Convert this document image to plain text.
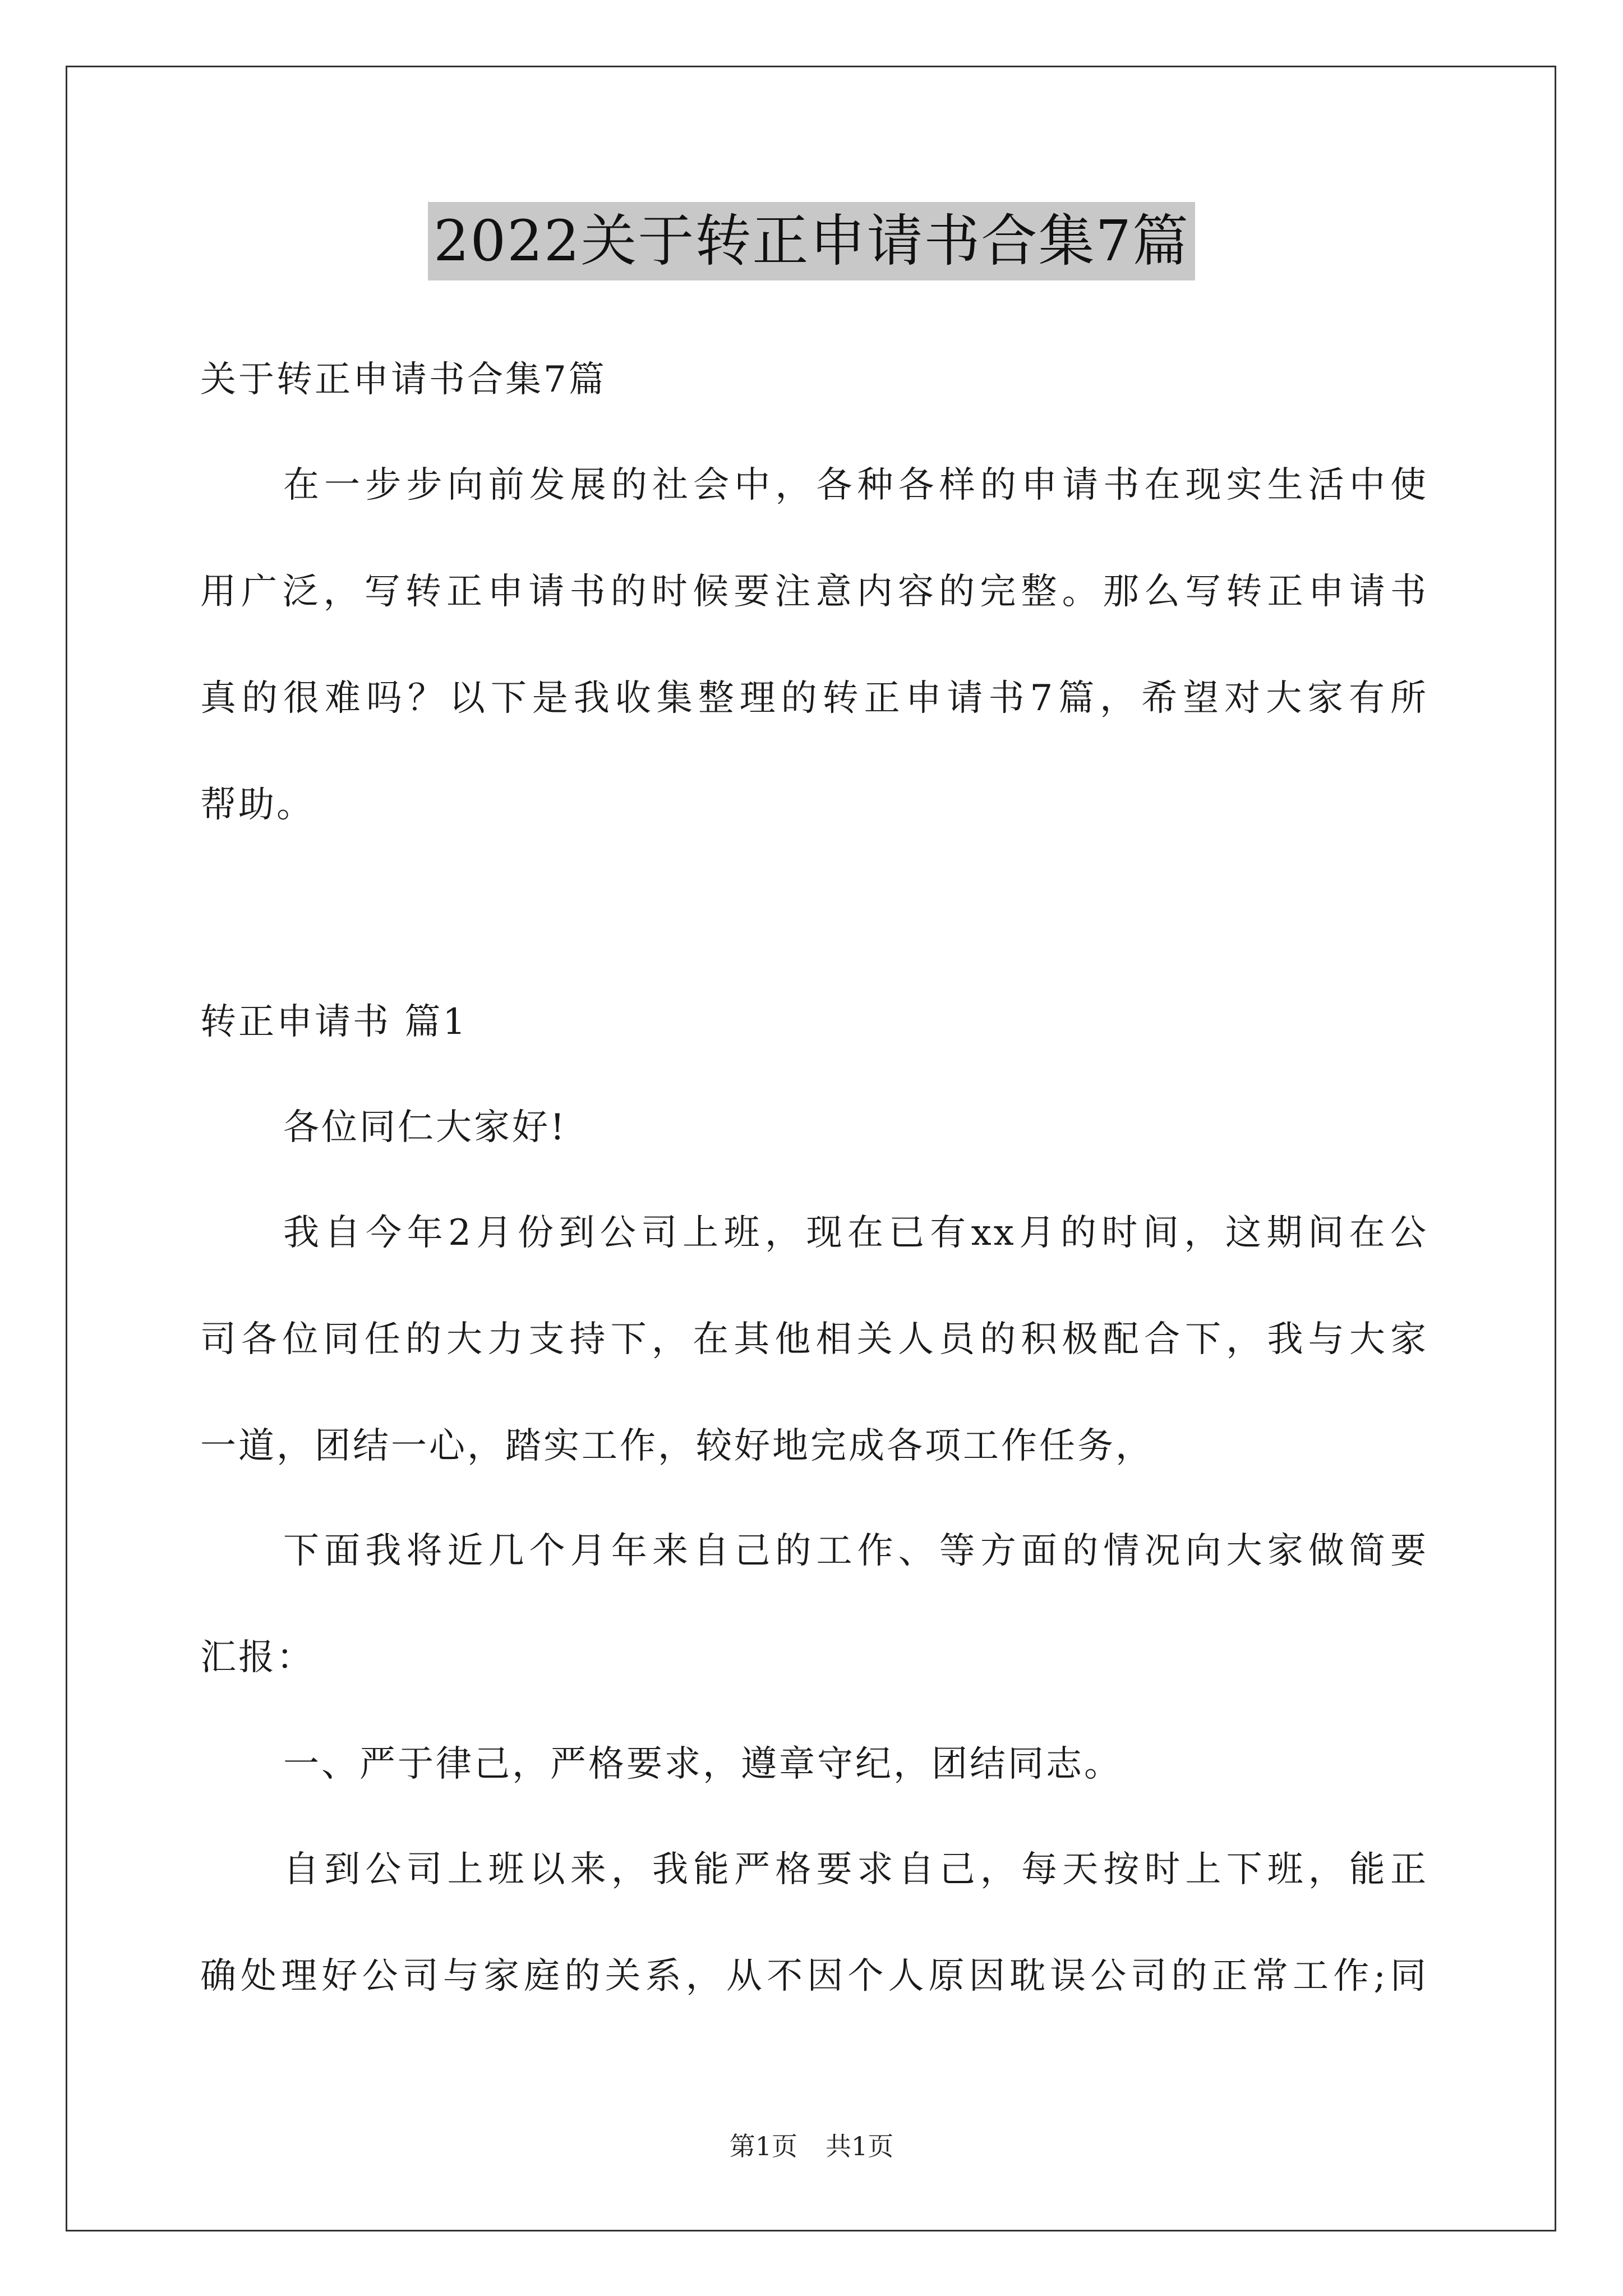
2022关于转正申请书合集7篇
关于转正申请书合集7篇
在一步步向前发展的社会中，各种各样的申请书在现实生活中使
用广泛，写转正申请书的时候要注意内容的完整。那么写转正申请书
真的很难吗？以下是我收集整理的转正申请书7篇，希望对大家有所
帮助。
转正申请书 篇1
各位同仁大家好!
我自今年2月份到公司上班，现在已有xx月的时间，这期间在公
司各位同任的大力支持下，在其他相关人员的积极配合下，我与大家
一道，团结一心，踏实工作，较好地完成各项工作任务，
下面我将近几个月年来自己的工作、等方面的情况向大家做简要
汇报：
一、严于律己，严格要求，遵章守纪，团结同志。
自到公司上班以来，我能严格要求自己，每天按时上下班，能正
确处理好公司与家庭的关系，从不因个人原因耽误公司的正常工作;同
第1页 共1页
